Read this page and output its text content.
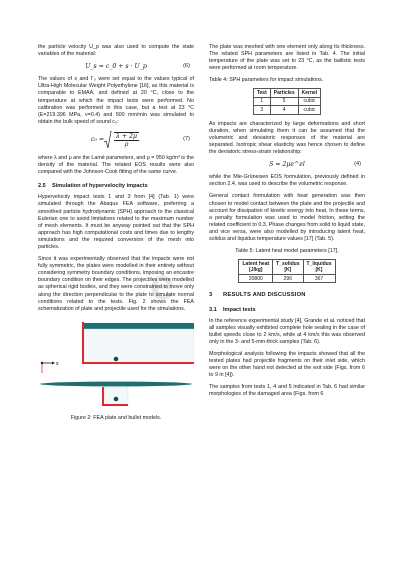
e

the particle velocity U_p was also used to compute the state variables of the material:

U_s = c_0 + s · U_p	(6)

The values of s and Γ₀ were set equal to the values typical of Ultra-High Molecular Weight Polyethylene [16], as this material is comparable to EMAA, and defined at 20 °C, close to the temperature at which the impact tests were performed. No calibration was performed in this case, but a test at 23 °C (E=219.396 MPa, ν=0.4) and 500 mm/min was simulated to obtain the bulk speed of sound c₀:

$c_0 = \frac{\lambda + 2\mu}{\rho}$	(7)

where λ and μ are the Lamé parameters, and ρ = 950 kg/m³ is the density of the material. The related EOS results were also compared with the Johnson-Cook fitting of the same curve.

2.5 Simulation of hypervelocity impacts

Hypervelocity impact tests 1 and 3 from [4] (Tab. 1) were simulated through the Abaqus FEA software, preferring a smoothed particle hydrodynamic (SPH) approach to the classical Eulerian one to avoid limitations related to the maximum number of mesh elements. It must be anyway pointed out that the SPH approach has high computational costs and times due to lengthy simulations and the required conversion of the mesh into particles.

Since it was experimentally observed that the impacts were not fully symmetric, the plates were modelled in their entirety without considering symmetry boundary conditions, imposing an encastre boundary condition on their edges. The projectiles were modelled as spherical rigid bodies, and they were constrained to move only along the direction perpendicular to the plate to simulate normal conditions related to the tests. Fig. 2 shows the FEA schematization of plate and projectile used for the simulations.

x
Figure 2: FEA plate and bullet models.

The plate was meshed with one element only along its thickness. The related SPH parameters are listed in Tab. 4. The initial temperature of the plate was set to 23 °C, as the ballistic tests were performed at room temperature.

Table 4: SPH parameters for impact simulations.
Test	Particles	Kernel
1	5	cubic
3	4	cubic

As impacts are characterized by large deformations and short duration, when simulating them it can be assumed that the volumetric and deviatoric responses of the material are separated. Isotropic shear elasticity was hence chosen to define the deviatoric stress-strain relationship:

S = 2μe^el	(4)

while the Mie-Grüneisen EOS formulation, previously defined in section 2.4, was used to describe the volumetric response.

General contact formulation with heat generation was then chosen to model contact between the plate and the projectile and account for dissipation of kinetic energy into heat. In these terms, a penalty formulation was used to model friction, setting the related coefficient to 0.3. Phase changes from solid to liquid state, and vice versa, were also modelled by introducing latent heat, solidus and liquidus temperature values [17] (Tab. 5).

Table 5: Latent heat model parameters [17].
Latent heat
[J/kg]	T_solidus
[K]	T_liquidus
[K]
20800	296	367
3 RESULTS AND DISCUSSION
3.1 Impact tests

In the reference experimental study [4], Grande et al. noticed that all samples visually exhibited complete hole sealing in the case of bullet speeds close to 2 km/s, while at 4 km/s this was observed only in the 3- and 5-mm-thick samples (Tab. 6).

Morphological analysis following the impacts showed that all the tested plates had projectile fragments on their inlet side, which were on the other hand not detected at the exit side (Figs. from 6 to 9 in [4]).

The samples from tests 1, 4 and 5 indicated in Tab. 6 had similar morphologies of the damaged area (Figs. from 6
